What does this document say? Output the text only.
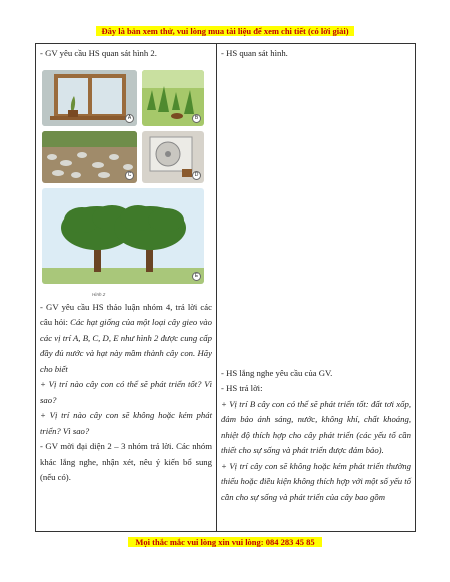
Đây là bản xem thử, vui lòng mua tài liệu để xem chi tiết (có lời giải)

- GV yêu cầu HS quan sát hình 2.

A	B
C	D
E
Hình 2

- GV yêu cầu HS thảo luận nhóm 4, trả lời các câu hỏi: Các hạt giống của một loại cây gieo vào các vị trí A, B, C, D, E như hình 2 được cung cấp đầy đủ nước và hạt này mầm thành cây con. Hãy cho biết

+ Vị trí nào cây con có thể sẽ phát triển tốt? Vì sao?

+ Vị trí nào cây con sẽ không hoặc kém phát triển? Vì sao?

- GV mời đại diện 2 – 3 nhóm trả lời. Các nhóm khác lắng nghe, nhận xét, nêu ý kiến bổ sung (nếu có).

- HS quan sát hình.

- HS lắng nghe yêu cầu của GV.

- HS trả lời:

+ Vị trí B cây con có thể sẽ phát triển tốt: đất tơi xốp, đảm bảo ánh sáng, nước, không khí, chất khoáng, nhiệt độ thích hợp cho cây phát triển (các yếu tố cần thiết cho sự sống và phát triển được đảm bảo).

+ Vị trí cây con sẽ không hoặc kém phát triển thường thiếu hoặc điều kiện không thích hợp với một số yếu tố cần cho sự sống và phát triển của cây bao gồm

Mọi thắc mắc vui lòng xin vui lòng: 084 283 45 85
